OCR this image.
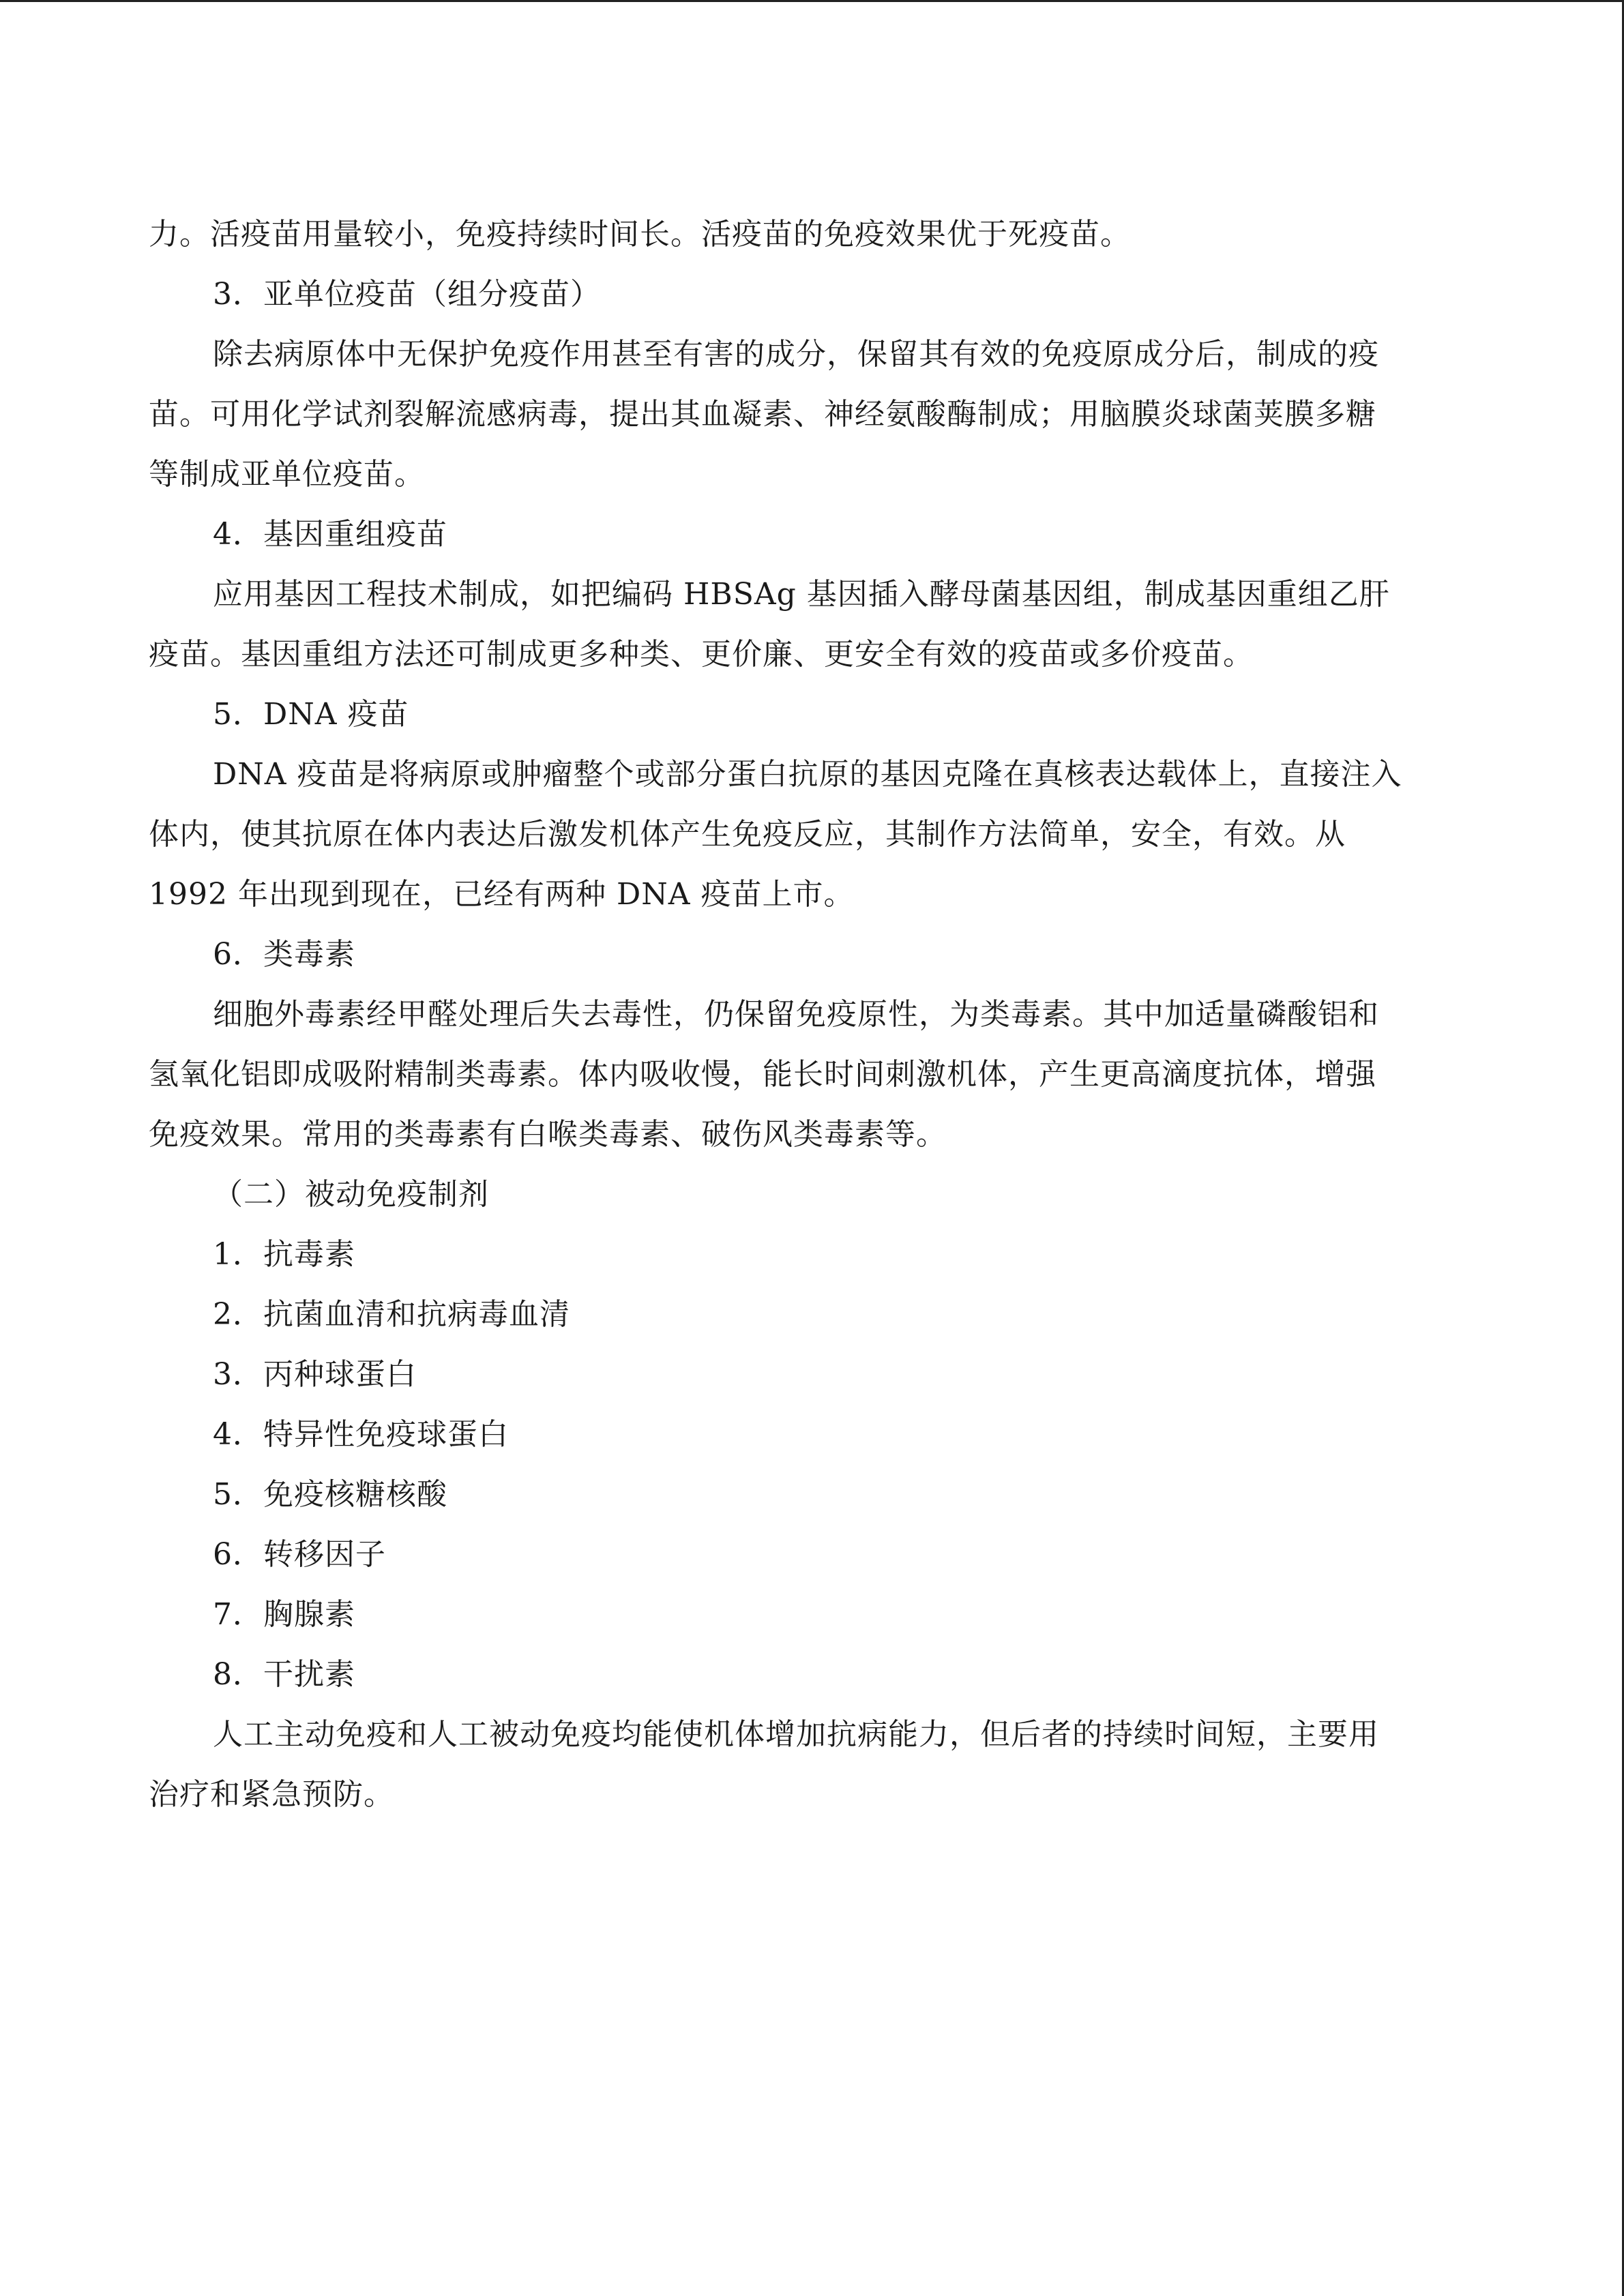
力。活疫苗用量较小，免疫持续时间长。活疫苗的免疫效果优于死疫苗。
3．亚单位疫苗（组分疫苗）
除去病原体中无保护免疫作用甚至有害的成分，保留其有效的免疫原成分后，制成的疫
苗。可用化学试剂裂解流感病毒，提出其血凝素、神经氨酸酶制成；用脑膜炎球菌荚膜多糖
等制成亚单位疫苗。
4．基因重组疫苗
应用基因工程技术制成，如把编码 HBSAg 基因插入酵母菌基因组，制成基因重组乙肝
疫苗。基因重组方法还可制成更多种类、更价廉、更安全有效的疫苗或多价疫苗。
5．DNA 疫苗
DNA 疫苗是将病原或肿瘤整个或部分蛋白抗原的基因克隆在真核表达载体上，直接注入
体内，使其抗原在体内表达后激发机体产生免疫反应，其制作方法简单，安全，有效。从
1992 年出现到现在，已经有两种 DNA 疫苗上市。
6．类毒素
细胞外毒素经甲醛处理后失去毒性，仍保留免疫原性，为类毒素。其中加适量磷酸铝和
氢氧化铝即成吸附精制类毒素。体内吸收慢，能长时间刺激机体，产生更高滴度抗体，增强
免疫效果。常用的类毒素有白喉类毒素、破伤风类毒素等。
（二）被动免疫制剂
1．抗毒素
2．抗菌血清和抗病毒血清
3．丙种球蛋白
4．特异性免疫球蛋白
5．免疫核糖核酸
6．转移因子
7．胸腺素
8．干扰素
人工主动免疫和人工被动免疫均能使机体增加抗病能力，但后者的持续时间短，主要用
治疗和紧急预防。
